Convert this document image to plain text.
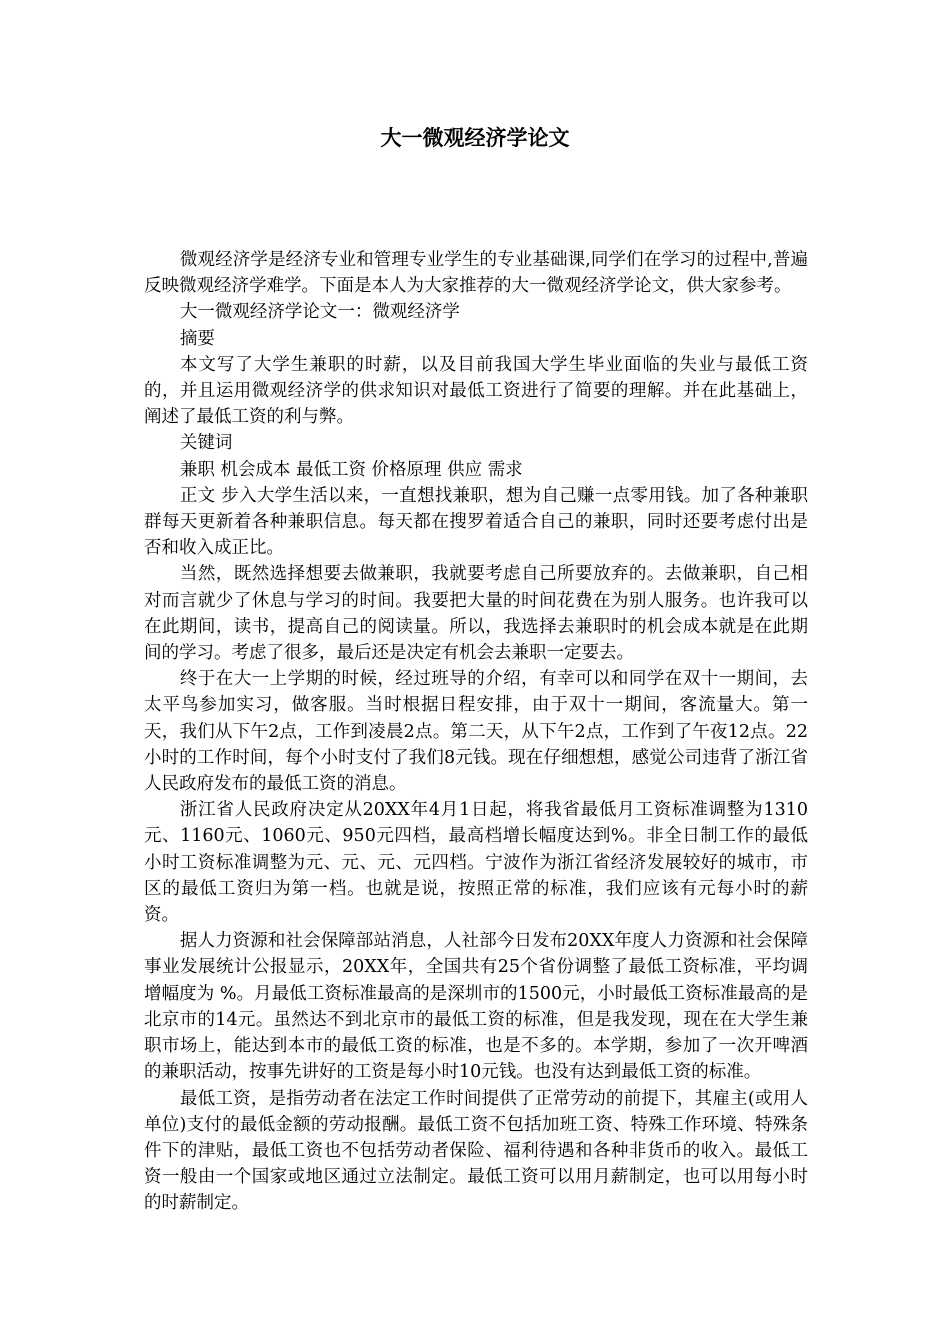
大一微观经济学论文

微观经济学是经济专业和管理专业学生的专业基础课,同学们在学习的过程中,普遍反映微观经济学难学。下面是本人为大家推荐的大一微观经济学论文，供大家参考。

大一微观经济学论文一：微观经济学

摘要

本文写了大学生兼职的时薪，以及目前我国大学生毕业面临的失业与最低工资的，并且运用微观经济学的供求知识对最低工资进行了简要的理解。并在此基础上，阐述了最低工资的利与弊。

关键词

兼职 机会成本 最低工资 价格原理 供应 需求

正文 步入大学生活以来，一直想找兼职，想为自己赚一点零用钱。加了各种兼职群每天更新着各种兼职信息。每天都在搜罗着适合自己的兼职，同时还要考虑付出是否和收入成正比。

当然，既然选择想要去做兼职，我就要考虑自己所要放弃的。去做兼职，自己相对而言就少了休息与学习的时间。我要把大量的时间花费在为别人服务。也许我可以在此期间，读书，提高自己的阅读量。所以，我选择去兼职时的机会成本就是在此期间的学习。考虑了很多，最后还是决定有机会去兼职一定要去。

终于在大一上学期的时候，经过班导的介绍，有幸可以和同学在双十一期间，去太平鸟参加实习，做客服。当时根据日程安排，由于双十一期间，客流量大。第一天，我们从下午2点，工作到凌晨2点。第二天，从下午2点，工作到了午夜12点。22小时的工作时间，每个小时支付了我们8元钱。现在仔细想想，感觉公司违背了浙江省人民政府发布的最低工资的消息。

浙江省人民政府决定从20XX年4月1日起，将我省最低月工资标准调整为1310元、1160元、1060元、950元四档，最高档增长幅度达到%。非全日制工作的最低小时工资标准调整为元、元、元、元四档。宁波作为浙江省经济发展较好的城市，市区的最低工资归为第一档。也就是说，按照正常的标准，我们应该有元每小时的薪资。

据人力资源和社会保障部站消息，人社部今日发布20XX年度人力资源和社会保障事业发展统计公报显示，20XX年，全国共有25个省份调整了最低工资标准，平均调增幅度为 %。月最低工资标准最高的是深圳市的1500元，小时最低工资标准最高的是北京市的14元。虽然达不到北京市的最低工资的标准，但是我发现，现在在大学生兼职市场上，能达到本市的最低工资的标准，也是不多的。本学期，参加了一次开啤酒的兼职活动，按事先讲好的工资是每小时10元钱。也没有达到最低工资的标准。

最低工资，是指劳动者在法定工作时间提供了正常劳动的前提下，其雇主(或用人单位)支付的最低金额的劳动报酬。最低工资不包括加班工资、特殊工作环境、特殊条件下的津贴，最低工资也不包括劳动者保险、福利待遇和各种非货币的收入。最低工资一般由一个国家或地区通过立法制定。最低工资可以用月薪制定，也可以用每小时的时薪制定。
